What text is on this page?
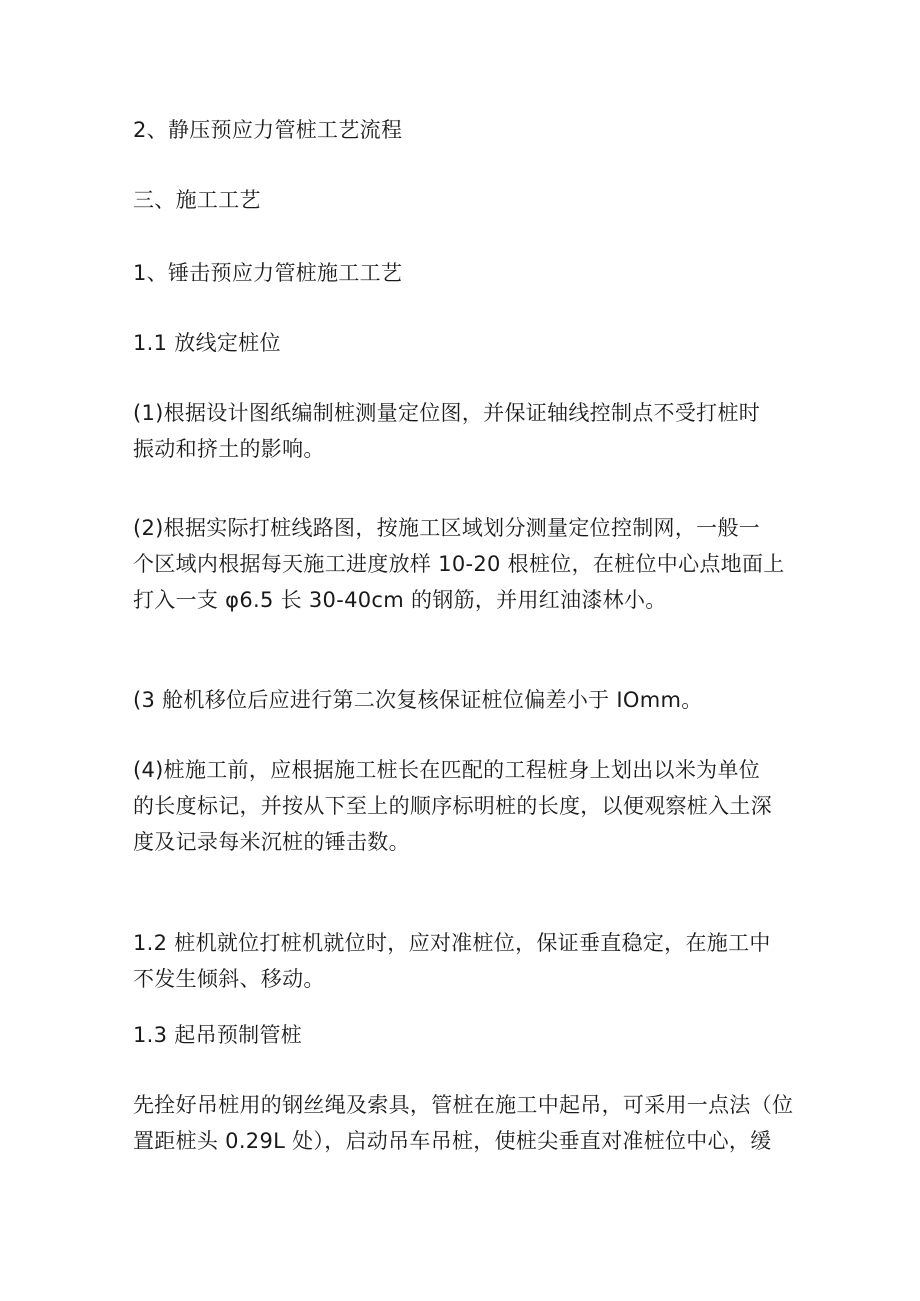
2、静压预应力管桩工艺流程

三、施工工艺

1、锤击预应力管桩施工工艺

1.1 放线定桩位

(1)根据设计图纸编制桩测量定位图，并保证轴线控制点不受打桩时
振动和挤土的影响。

(2)根据实际打桩线路图，按施工区域划分测量定位控制网，一般一
个区域内根据每天施工进度放样 10-20 根桩位，在桩位中心点地面上
打入一支 φ6.5 长 30-40cm 的钢筋，并用红油漆林小。

(3 舱机移位后应进行第二次复核保证桩位偏差小于 IOmm。

(4)桩施工前，应根据施工桩长在匹配的工程桩身上划出以米为单位
的长度标记，并按从下至上的顺序标明桩的长度，以便观察桩入土深
度及记录每米沉桩的锤击数。

1.2 桩机就位打桩机就位时，应对准桩位，保证垂直稳定，在施工中
不发生倾斜、移动。

1.3 起吊预制管桩

先拴好吊桩用的钢丝绳及索具，管桩在施工中起吊，可采用一点法（位
置距桩头 0.29L 处），启动吊车吊桩，使桩尖垂直对准桩位中心，缓
